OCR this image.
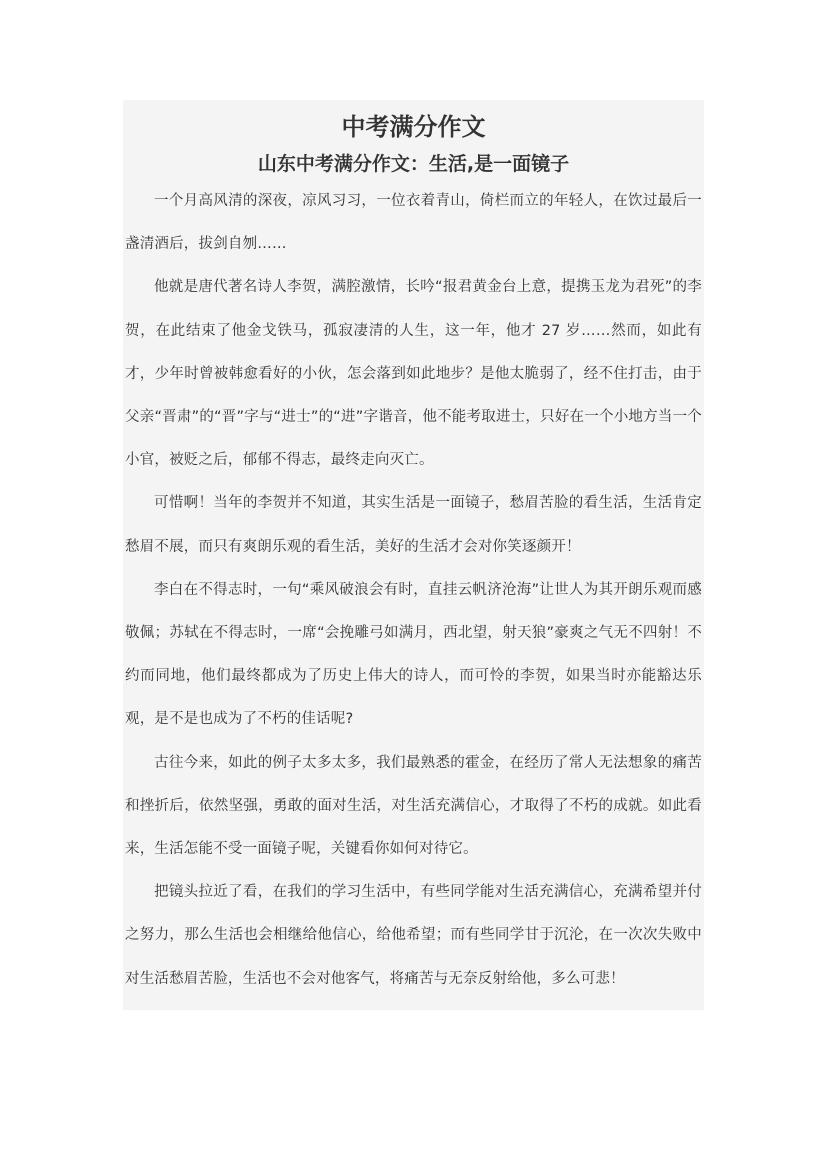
中考满分作文
山东中考满分作文：生活,是一面镜子

一个月高风清的深夜，凉风习习，一位衣着青山，倚栏而立的年轻人，在饮过最后一盏清酒后，拔剑自刎……

他就是唐代著名诗人李贺，满腔激情，长吟“报君黄金台上意，提携玉龙为君死”的李贺，在此结束了他金戈铁马，孤寂凄清的人生，这一年，他才 27 岁……然而，如此有才，少年时曾被韩愈看好的小伙，怎会落到如此地步？是他太脆弱了，经不住打击，由于父亲“晋肃”的“晋”字与“进士”的“进”字谐音，他不能考取进士，只好在一个小地方当一个小官，被贬之后，郁郁不得志，最终走向灭亡。

可惜啊！当年的李贺并不知道，其实生活是一面镜子，愁眉苦脸的看生活，生活肯定愁眉不展，而只有爽朗乐观的看生活，美好的生活才会对你笑逐颜开！

李白在不得志时，一句“乘风破浪会有时，直挂云帆济沧海”让世人为其开朗乐观而感敬佩；苏轼在不得志时，一席“会挽雕弓如满月，西北望，射天狼”豪爽之气无不四射！不约而同地，他们最终都成为了历史上伟大的诗人，而可怜的李贺，如果当时亦能豁达乐观，是不是也成为了不朽的佳话呢?

古往今来，如此的例子太多太多，我们最熟悉的霍金，在经历了常人无法想象的痛苦和挫折后，依然坚强，勇敢的面对生活，对生活充满信心，才取得了不朽的成就。如此看来，生活怎能不受一面镜子呢，关键看你如何对待它。

把镜头拉近了看，在我们的学习生活中，有些同学能对生活充满信心，充满希望并付之努力，那么生活也会相继给他信心，给他希望；而有些同学甘于沉沦，在一次次失败中对生活愁眉苦脸，生活也不会对他客气，将痛苦与无奈反射给他，多么可悲！
